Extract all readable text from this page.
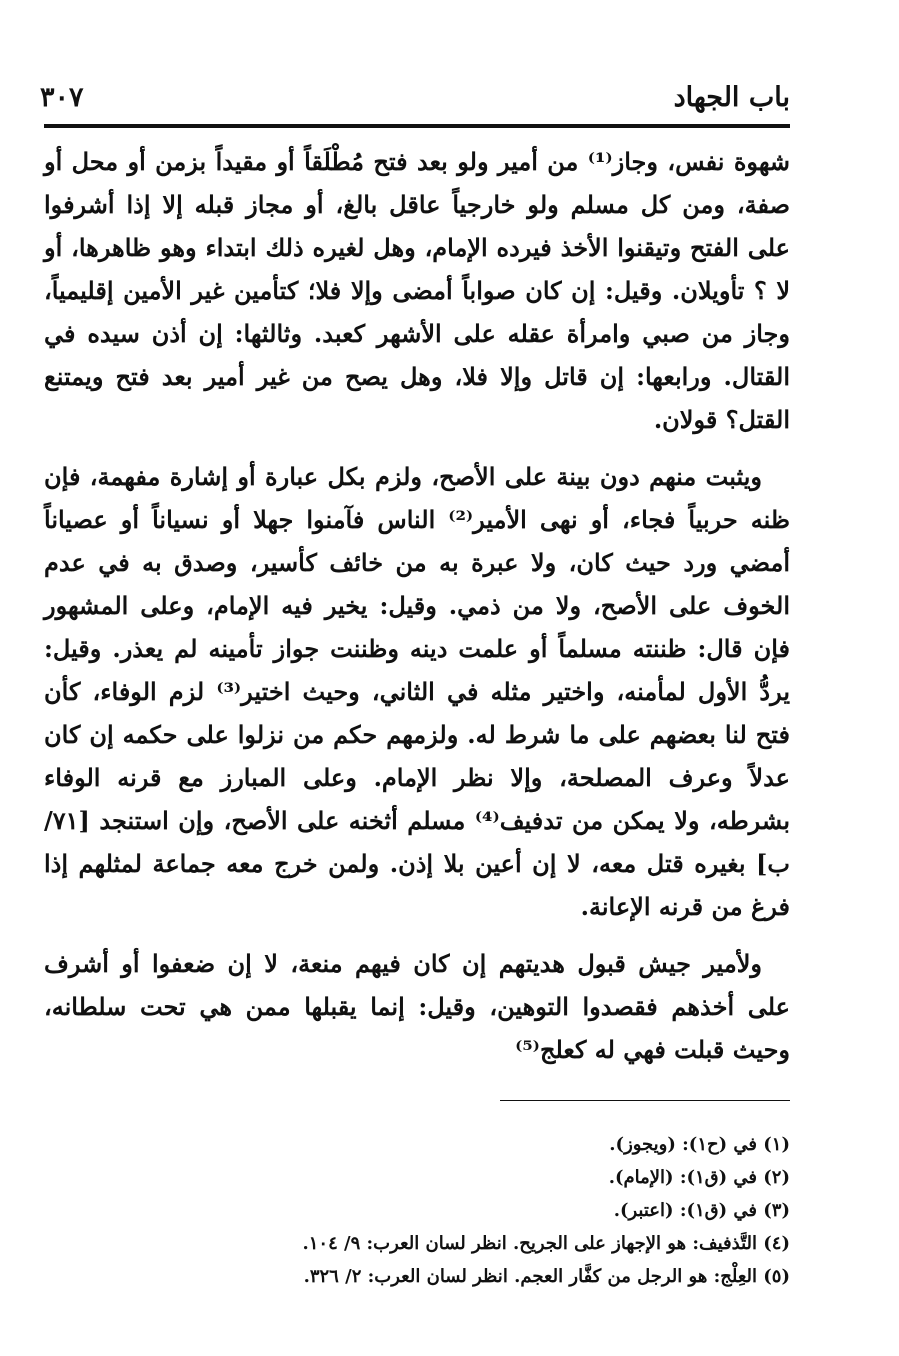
باب الجهاد
٣٠٧

شهوة نفس، وجاز⁽¹⁾ من أمير ولو بعد فتح مُطْلَقاً أو مقيداً بزمن أو محل أو صفة، ومن كل مسلم ولو خارجياً عاقل بالغ، أو مجاز قبله إلا إذا أشرفوا على الفتح وتيقنوا الأخذ فيرده الإمام، وهل لغيره ذلك ابتداء وهو ظاهرها، أو لا ؟ تأويلان. وقيل: إن كان صواباً أمضى وإلا فلا؛ كتأمين غير الأمين إقليمياً، وجاز من صبي وامرأة عقله على الأشهر كعبد. وثالثها: إن أذن سيده في القتال. ورابعها: إن قاتل وإلا فلا، وهل يصح من غير أمير بعد فتح ويمتنع القتل؟ قولان.

ويثبت منهم دون بينة على الأصح، ولزم بكل عبارة أو إشارة مفهمة، فإن ظنه حربياً فجاء، أو نهى الأمير⁽²⁾ الناس فآمنوا جهلا أو نسياناً أو عصياناً أمضي ورد حيث كان، ولا عبرة به من خائف كأسير، وصدق به في عدم الخوف على الأصح، ولا من ذمي. وقيل: يخير فيه الإمام، وعلى المشهور فإن قال: ظننته مسلماً أو علمت دينه وظننت جواز تأمينه لم يعذر. وقيل: يردُّ الأول لمأمنه، واختير مثله في الثاني، وحيث اختير⁽³⁾ لزم الوفاء، كأن فتح لنا بعضهم على ما شرط له. ولزمهم حكم من نزلوا على حكمه إن كان عدلاً وعرف المصلحة، وإلا نظر الإمام. وعلى المبارز مع قرنه الوفاء بشرطه، ولا يمكن من تدفيف⁽⁴⁾ مسلم أثخنه على الأصح، وإن استنجد [٧١/ ب] بغيره قتل معه، لا إن أعين بلا إذن. ولمن خرج معه جماعة لمثلهم إذا فرغ من قرنه الإعانة.

ولأمير جيش قبول هديتهم إن كان فيهم منعة، لا إن ضعفوا أو أشرف على أخذهم فقصدوا التوهين، وقيل: إنما يقبلها ممن هي تحت سلطانه، وحيث قبلت فهي له كعلج⁽⁵⁾

(١) في (ح١): (ويجوز).

(٢) في (ق١): (الإمام).

(٣) في (ق١): (اعتبر).

(٤) التَّذفيف: هو الإجهاز على الجريح. انظر لسان العرب: ٩/ ١٠٤.

(٥) العِلْج: هو الرجل من كفَّار العجم. انظر لسان العرب: ٢/ ٣٢٦.
